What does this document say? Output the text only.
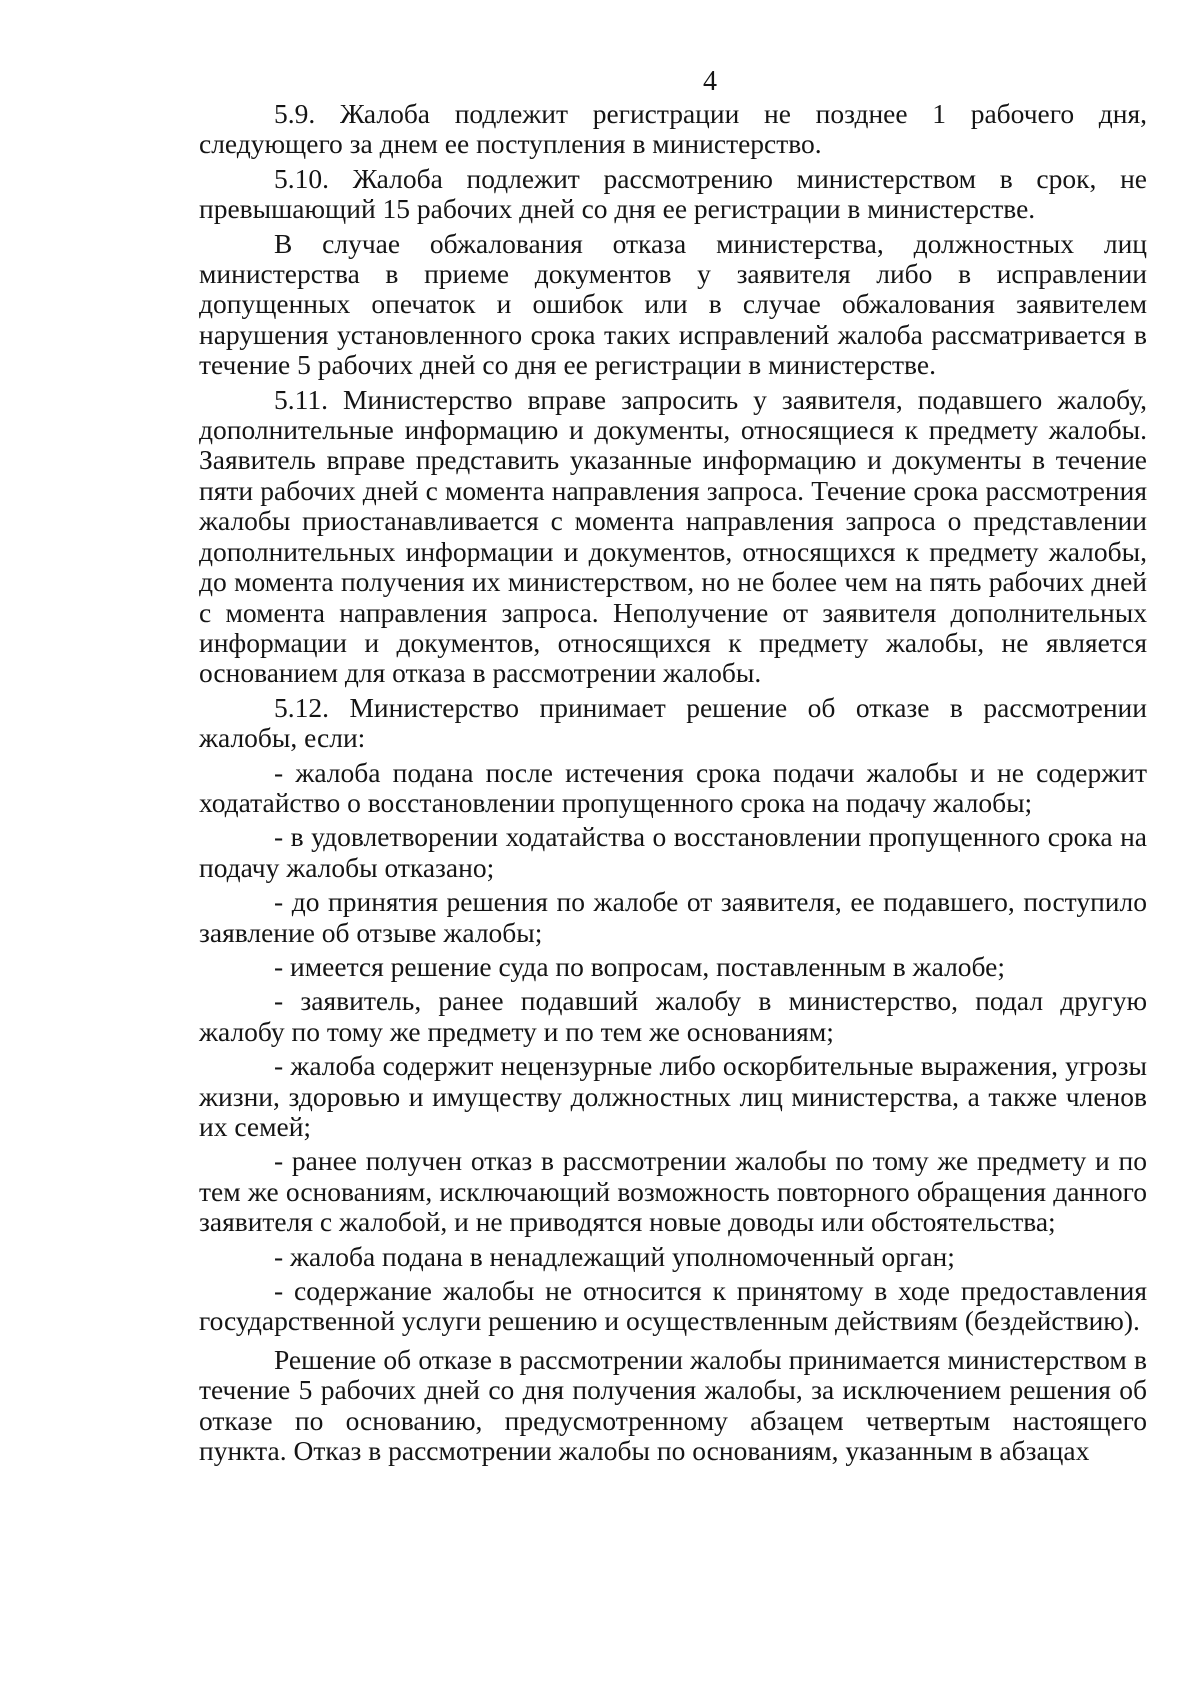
4

5.9. Жалоба подлежит регистрации не позднее 1 рабочего дня, следующего за днем ее поступления в министерство.

5.10. Жалоба подлежит рассмотрению министерством в срок, не превышающий 15 рабочих дней со дня ее регистрации в министерстве.

В случае обжалования отказа министерства, должностных лиц министерства в приеме документов у заявителя либо в исправлении допущенных опечаток и ошибок или в случае обжалования заявителем нарушения установленного срока таких исправлений жалоба рассматривается в течение 5 рабочих дней со дня ее регистрации в министерстве.

5.11. Министерство вправе запросить у заявителя, подавшего жалобу, дополнительные информацию и документы, относящиеся к предмету жалобы. Заявитель вправе представить указанные информацию и документы в течение пяти рабочих дней с момента направления запроса. Течение срока рассмотрения жалобы приостанавливается с момента направления запроса о представлении дополнительных информации и документов, относящихся к предмету жалобы, до момента получения их министерством, но не более чем на пять рабочих дней с момента направления запроса. Неполучение от заявителя дополнительных информации и документов, относящихся к предмету жалобы, не является основанием для отказа в рассмотрении жалобы.

5.12. Министерство принимает решение об отказе в рассмотрении жалобы, если:

- жалоба подана после истечения срока подачи жалобы и не содержит ходатайство о восстановлении пропущенного срока на подачу жалобы;

- в удовлетворении ходатайства о восстановлении пропущенного срока на подачу жалобы отказано;

- до принятия решения по жалобе от заявителя, ее подавшего, поступило заявление об отзыве жалобы;

- имеется решение суда по вопросам, поставленным в жалобе;

- заявитель, ранее подавший жалобу в министерство, подал другую жалобу по тому же предмету и по тем же основаниям;

- жалоба содержит нецензурные либо оскорбительные выражения, угрозы жизни, здоровью и имуществу должностных лиц министерства, а также членов их семей;

- ранее получен отказ в рассмотрении жалобы по тому же предмету и по тем же основаниям, исключающий возможность повторного обращения данного заявителя с жалобой, и не приводятся новые доводы или обстоятельства;

- жалоба подана в ненадлежащий уполномоченный орган;

- содержание жалобы не относится к принятому в ходе предоставления государственной услуги решению и осуществленным действиям (бездействию).

Решение об отказе в рассмотрении жалобы принимается министерством в течение 5 рабочих дней со дня получения жалобы, за исключением решения об отказе по основанию, предусмотренному абзацем четвертым настоящего пункта. Отказ в рассмотрении жалобы по основаниям, указанным в абзацах
